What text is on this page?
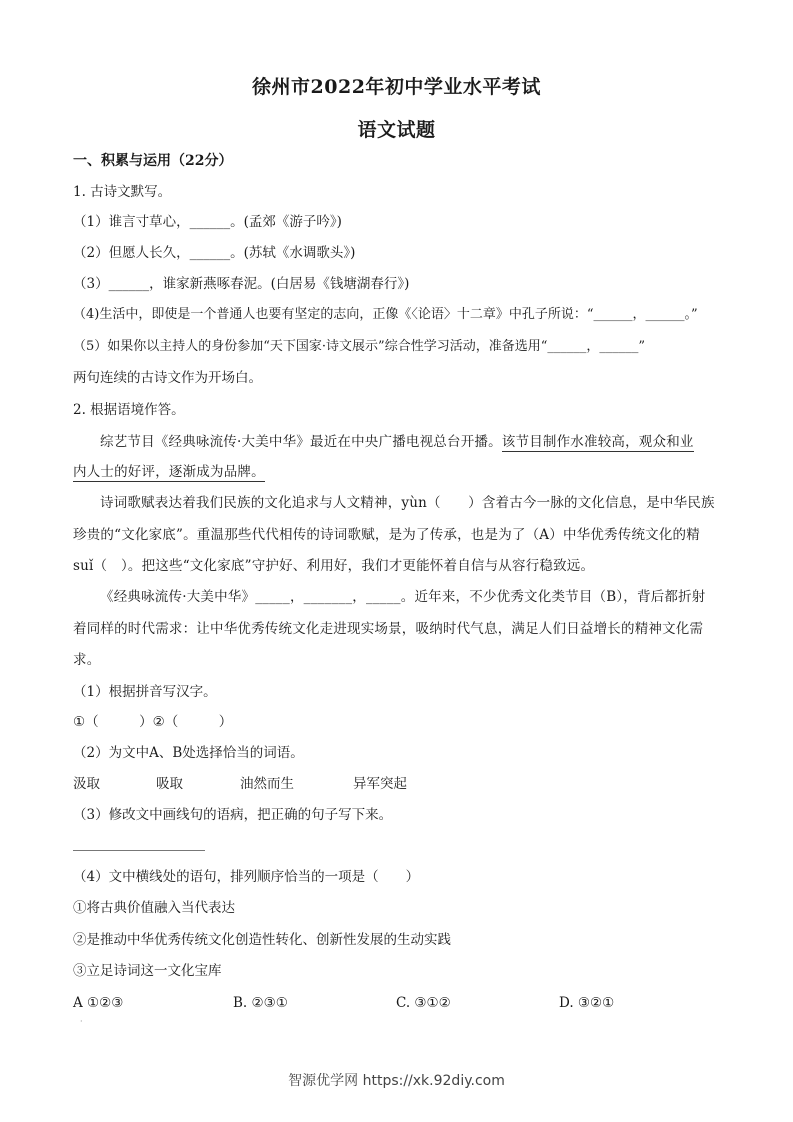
徐州市2022年初中学业水平考试
语文试题
一、积累与运用（22分）
1. 古诗文默写。
（1）谁言寸草心，______。(孟郊《游子吟》)
（2）但愿人长久，______。(苏轼《水调歌头》)
（3）______，谁家新燕啄春泥。(白居易《钱塘湖春行》)
（4)生活中，即使是一个普通人也要有坚定的志向，正像《〈论语〉十二章》中孔子所说：“______，______。”
（5）如果你以主持人的身份参加“天下国家·诗文展示”综合性学习活动，准备选用“______，______”
两句连续的古诗文作为开场白。
2. 根据语境作答。
综艺节目《经典咏流传·大美中华》最近在中央广播电视总台开播。该节目制作水准较高，观众和业
内人士的好评，逐渐成为品牌。
诗词歌赋表达着我们民族的文化追求与人文精神，yùn（　　）含着古今一脉的文化信息，是中华民族
珍贵的“文化家底”。重温那些代代相传的诗词歌赋，是为了传承，也是为了（A）中华优秀传统文化的精
suǐ（　）。把这些“文化家底”守护好、利用好，我们才更能怀着自信与从容行稳致远。
《经典咏流传·大美中华》_____，_______，_____。近年来，不少优秀文化类节目（B），背后都折射
着同样的时代需求：让中华优秀传统文化走进现实场景，吸纳时代气息，满足人们日益增长的精神文化需
求。
（1）根据拼音写汉字。
①（　　　）②（　　　）
（2）为文中A、B处选择恰当的词语。
汲取	吸取	油然而生	异军突起
（3）修改文中画线句的语病，把正确的句子写下来。
（4）文中横线处的语句，排列顺序恰当的一项是（　　）
①将古典价值融入当代表达
②是推动中华优秀传统文化创造性转化、创新性发展的生动实践
③立足诗词这一文化宝库
A ①②③	B. ②③①	C. ③①②	D. ③②①
·
智源优学网 https://xk.92diy.com
